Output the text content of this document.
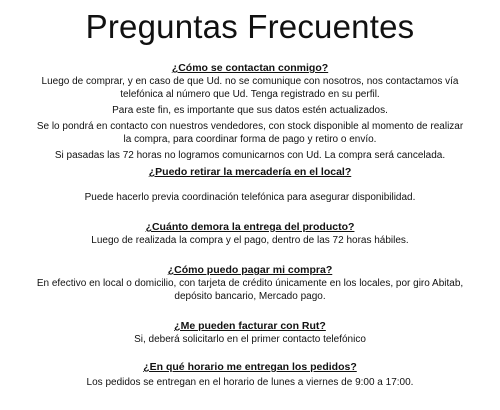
Preguntas Frecuentes
¿Cómo se contactan conmigo?

Luego de comprar, y en caso de que Ud. no se comunique con nosotros, nos contactamos vía

telefónica al número que Ud. Tenga registrado en su perfil.

Para este fin, es importante que sus datos estén actualizados.

Se lo pondrá en contacto con nuestros vendedores, con stock disponible al momento de realizar

la compra, para coordinar forma de pago y retiro o envío.

Si pasadas las 72 horas no logramos comunicarnos con Ud. La compra será cancelada.

¿Puedo retirar la mercadería en el local?

Puede hacerlo previa coordinación telefónica para asegurar disponibilidad.

¿Cuánto demora la entrega del producto?

Luego de realizada la compra y el pago, dentro de las 72 horas hábiles.

¿Cómo puedo pagar mi compra?

En efectivo en local o domicilio, con tarjeta de crédito únicamente en los locales, por giro Abitab,

depósito bancario, Mercado pago.

¿Me pueden facturar con Rut?

Si, deberá solicitarlo en el primer contacto telefónico

¿En qué horario me entregan los pedidos?

Los pedidos se entregan en el horario de lunes a viernes de 9:00 a 17:00.
